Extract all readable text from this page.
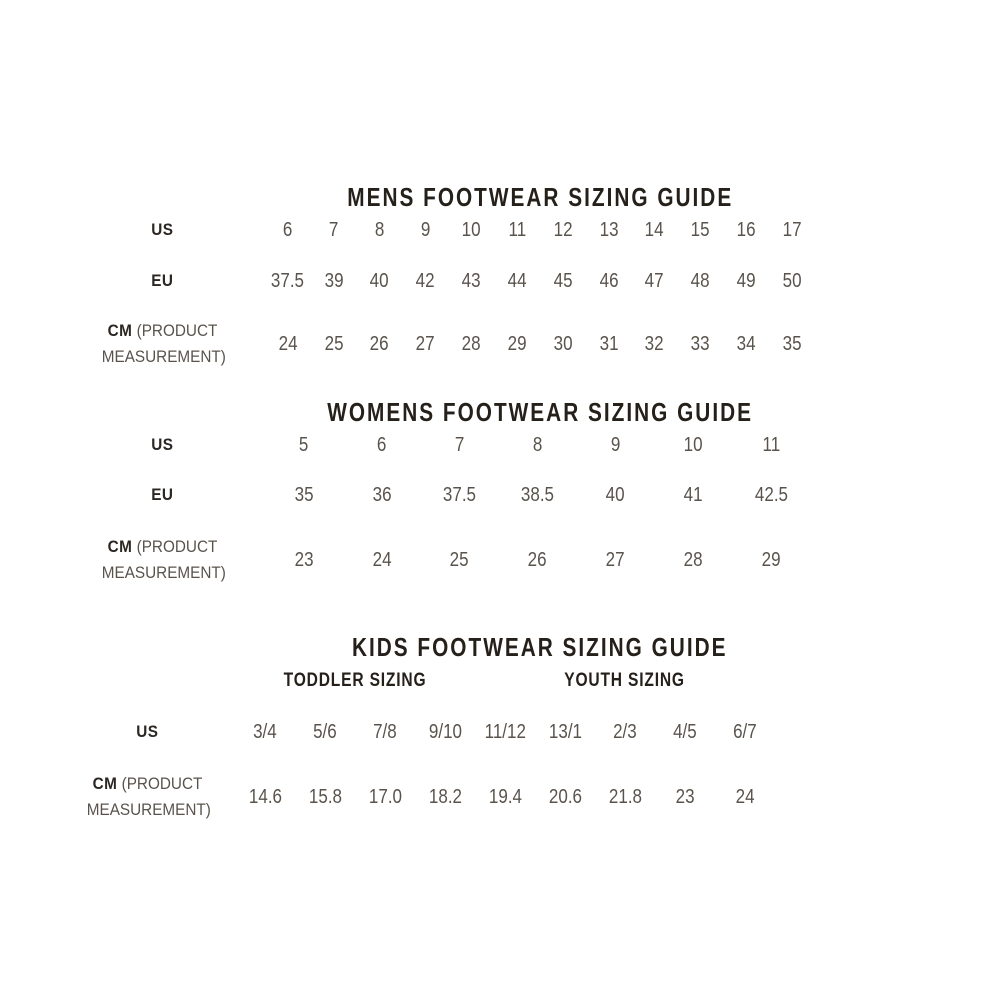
MENS FOOTWEAR SIZING GUIDE
US	6	7	8	9	10	11	12	13	14	15	16	17
EU	37.5	39	40	42	43	44	45	46	47	48	49	50
CM (PRODUCT MEASUREMENT)	24	25	26	27	28	29	30	31	32	33	34	35
WOMENS FOOTWEAR SIZING GUIDE
US	5	6	7	8	9	10	11
EU	35	36	37.5	38.5	40	41	42.5
CM (PRODUCT MEASUREMENT)	23	24	25	26	27	28	29
KIDS FOOTWEAR SIZING GUIDE
	TODDLER SIZING				YOUTH SIZING				
US	3/4	5/6	7/8	9/10	11/12	13/1	2/3	4/5	6/7
CM (PRODUCT MEASUREMENT)	14.6	15.8	17.0	18.2	19.4	20.6	21.8	23	24
